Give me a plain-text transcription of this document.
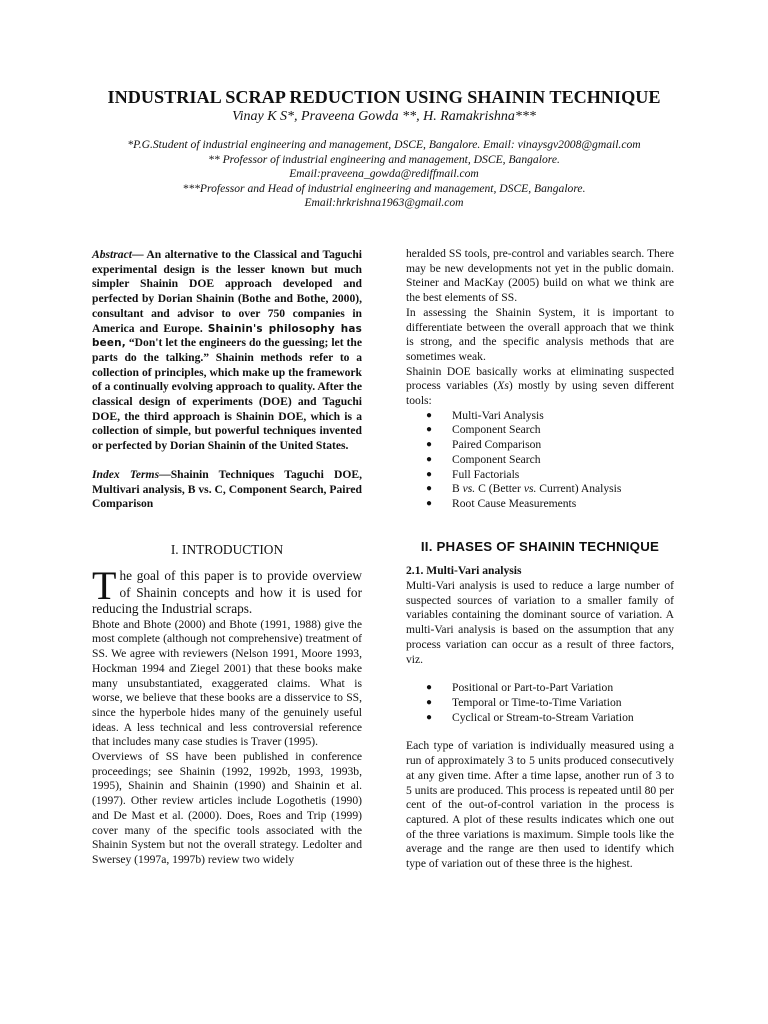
INDUSTRIAL SCRAP REDUCTION USING SHAININ TECHNIQUE

Vinay K S*, Praveena Gowda **, H. Ramakrishna***

*P.G.Student of industrial engineering and management, DSCE, Bangalore. Email: vinaysgv2008@gmail.com
** Professor of industrial engineering and management, DSCE, Bangalore.
Email:praveena_gowda@rediffmail.com
***Professor and Head of industrial engineering and management, DSCE, Bangalore.
Email:hrkrishna1963@gmail.com

Abstract— An alternative to the Classical and Taguchi experimental design is the lesser known but much simpler Shainin DOE approach developed and perfected by Dorian Shainin (Bothe and Bothe, 2000), consultant and advisor to over 750 companies in America and Europe. Shainin's philosophy has been, “Don't let the engineers do the guessing; let the parts do the talking.” Shainin methods refer to a collection of principles, which make up the framework of a continually evolving approach to quality. After the classical design of experiments (DOE) and Taguchi DOE, the third approach is Shainin DOE, which is a collection of simple, but powerful techniques invented or perfected by Dorian Shainin of the United States.

Index Terms—Shainin Techniques Taguchi DOE, Multivari analysis, B vs. C, Component Search, Paired Comparison

I. INTRODUCTION

The goal of this paper is to provide overview of Shainin concepts and how it is used for reducing the Industrial scraps.

Bhote and Bhote (2000) and Bhote (1991, 1988) give the most complete (although not comprehensive) treatment of SS. We agree with reviewers (Nelson 1991, Moore 1993, Hockman 1994 and Ziegel 2001) that these books make many unsubstantiated, exaggerated claims. What is worse, we believe that these books are a disservice to SS, since the hyperbole hides many of the genuinely useful ideas. A less technical and less controversial reference that includes many case studies is Traver (1995).

Overviews of SS have been published in conference proceedings; see Shainin (1992, 1992b, 1993, 1993b, 1995), Shainin and Shainin (1990) and Shainin et al. (1997). Other review articles include Logothetis (1990) and De Mast et al. (2000). Does, Roes and Trip (1999) cover many of the specific tools associated with the Shainin System but not the overall strategy. Ledolter and Swersey (1997a, 1997b) review two widely

heralded SS tools, pre-control and variables search. There may be new developments not yet in the public domain. Steiner and MacKay (2005) build on what we think are the best elements of SS.

In assessing the Shainin System, it is important to differentiate between the overall approach that we think is strong, and the specific analysis methods that are sometimes weak.

Shainin DOE basically works at eliminating suspected process variables (Xs) mostly by using seven different tools:

● Multi-Vari Analysis
● Component Search
● Paired Comparison
● Component Search
● Full Factorials
● B vs. C (Better vs. Current) Analysis
● Root Cause Measurements
II. PHASES OF SHAININ TECHNIQUE

2.1. Multi-Vari analysis

Multi-Vari analysis is used to reduce a large number of suspected sources of variation to a smaller family of variables containing the dominant source of variation. A multi-Vari analysis is based on the assumption that any process variation can occur as a result of three factors, viz.

● Positional or Part-to-Part Variation
● Temporal or Time-to-Time Variation
● Cyclical or Stream-to-Stream Variation

Each type of variation is individually measured using a run of approximately 3 to 5 units produced consecutively at any given time. After a time lapse, another run of 3 to 5 units are produced. This process is repeated until 80 per cent of the out-of-control variation in the process is captured. A plot of these results indicates which one out of the three variations is maximum. Simple tools like the average and the range are then used to identify which type of variation out of these three is the highest.
